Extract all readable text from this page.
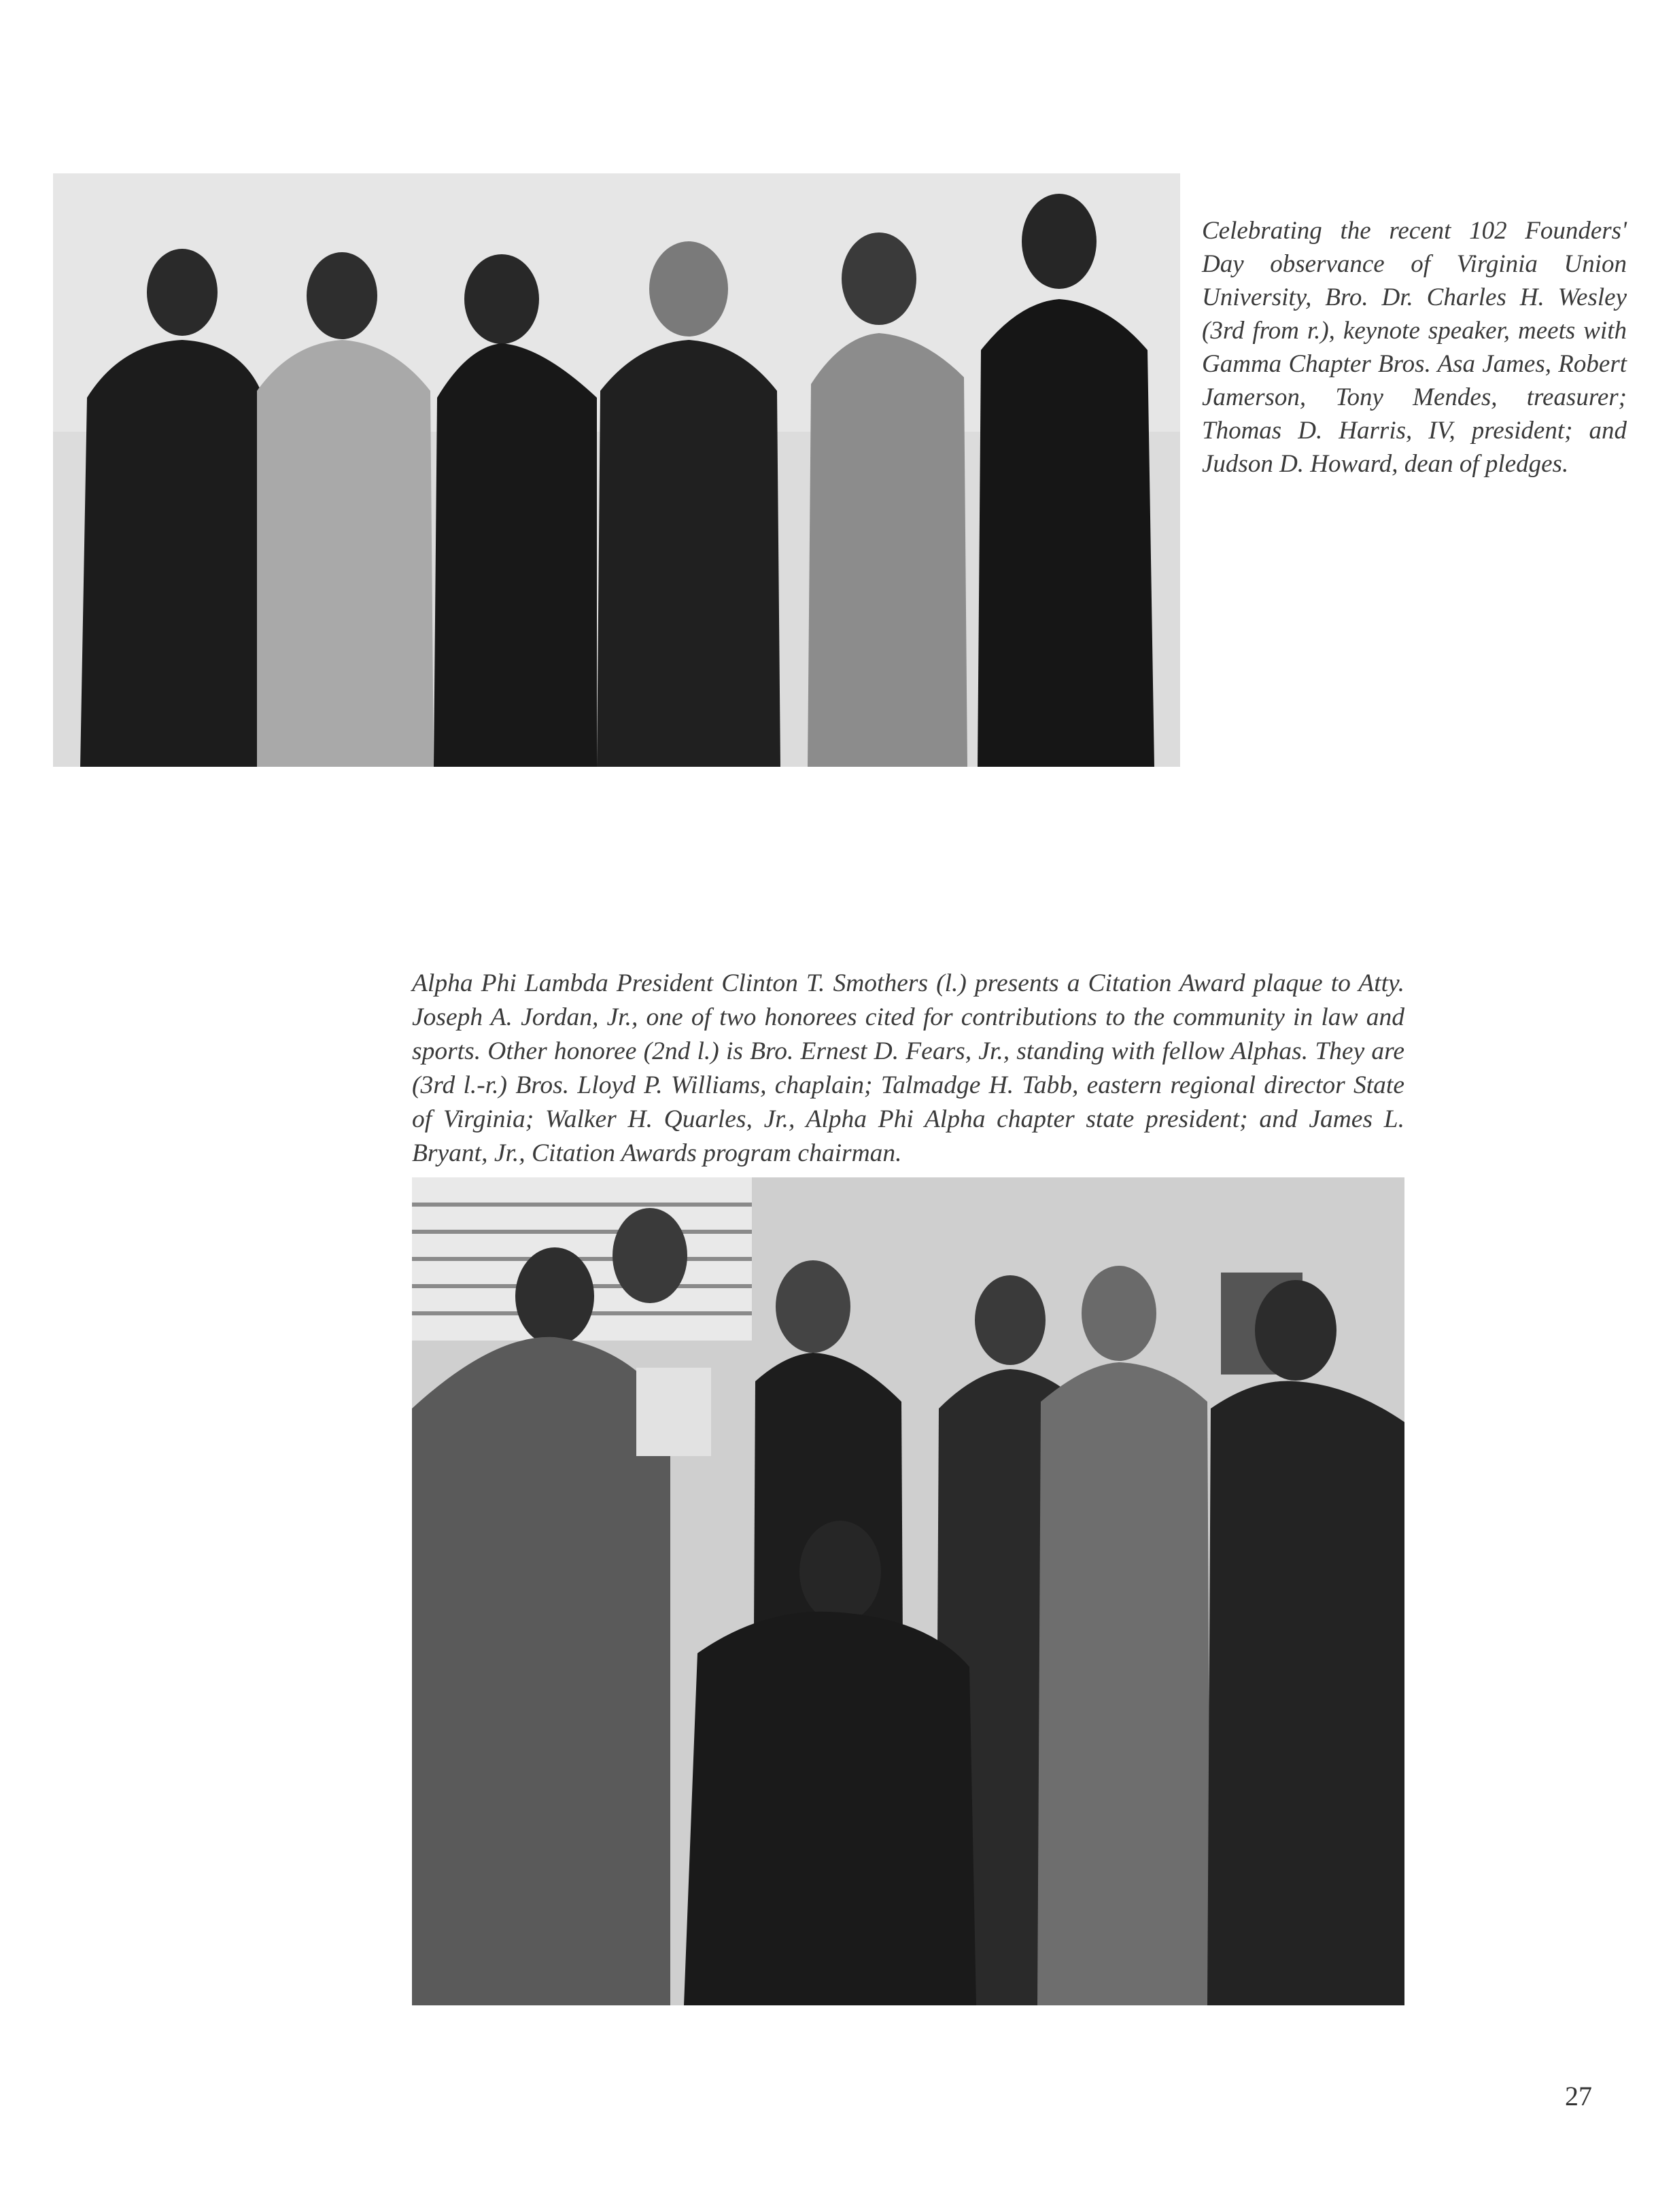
Celebrating the recent 102 Founders' Day observance of Virginia Union University, Bro. Dr. Charles H. Wesley (3rd from r.), keynote speaker, meets with Gamma Chapter Bros. Asa James, Robert Jamerson, Tony Mendes, treasurer; Thomas D. Harris, IV, president; and Judson D. Howard, dean of pledges.

Alpha Phi Lambda President Clinton T. Smothers (l.) presents a Citation Award plaque to Atty. Joseph A. Jordan, Jr., one of two honorees cited for contributions to the community in law and sports. Other honoree (2nd l.) is Bro. Ernest D. Fears, Jr., standing with fellow Alphas. They are (3rd l.-r.) Bros. Lloyd P. Williams, chaplain; Talmadge H. Tabb, eastern regional director State of Virginia; Walker H. Quarles, Jr., Alpha Phi Alpha chapter state president; and James L. Bryant, Jr., Citation Awards program chairman.

27
